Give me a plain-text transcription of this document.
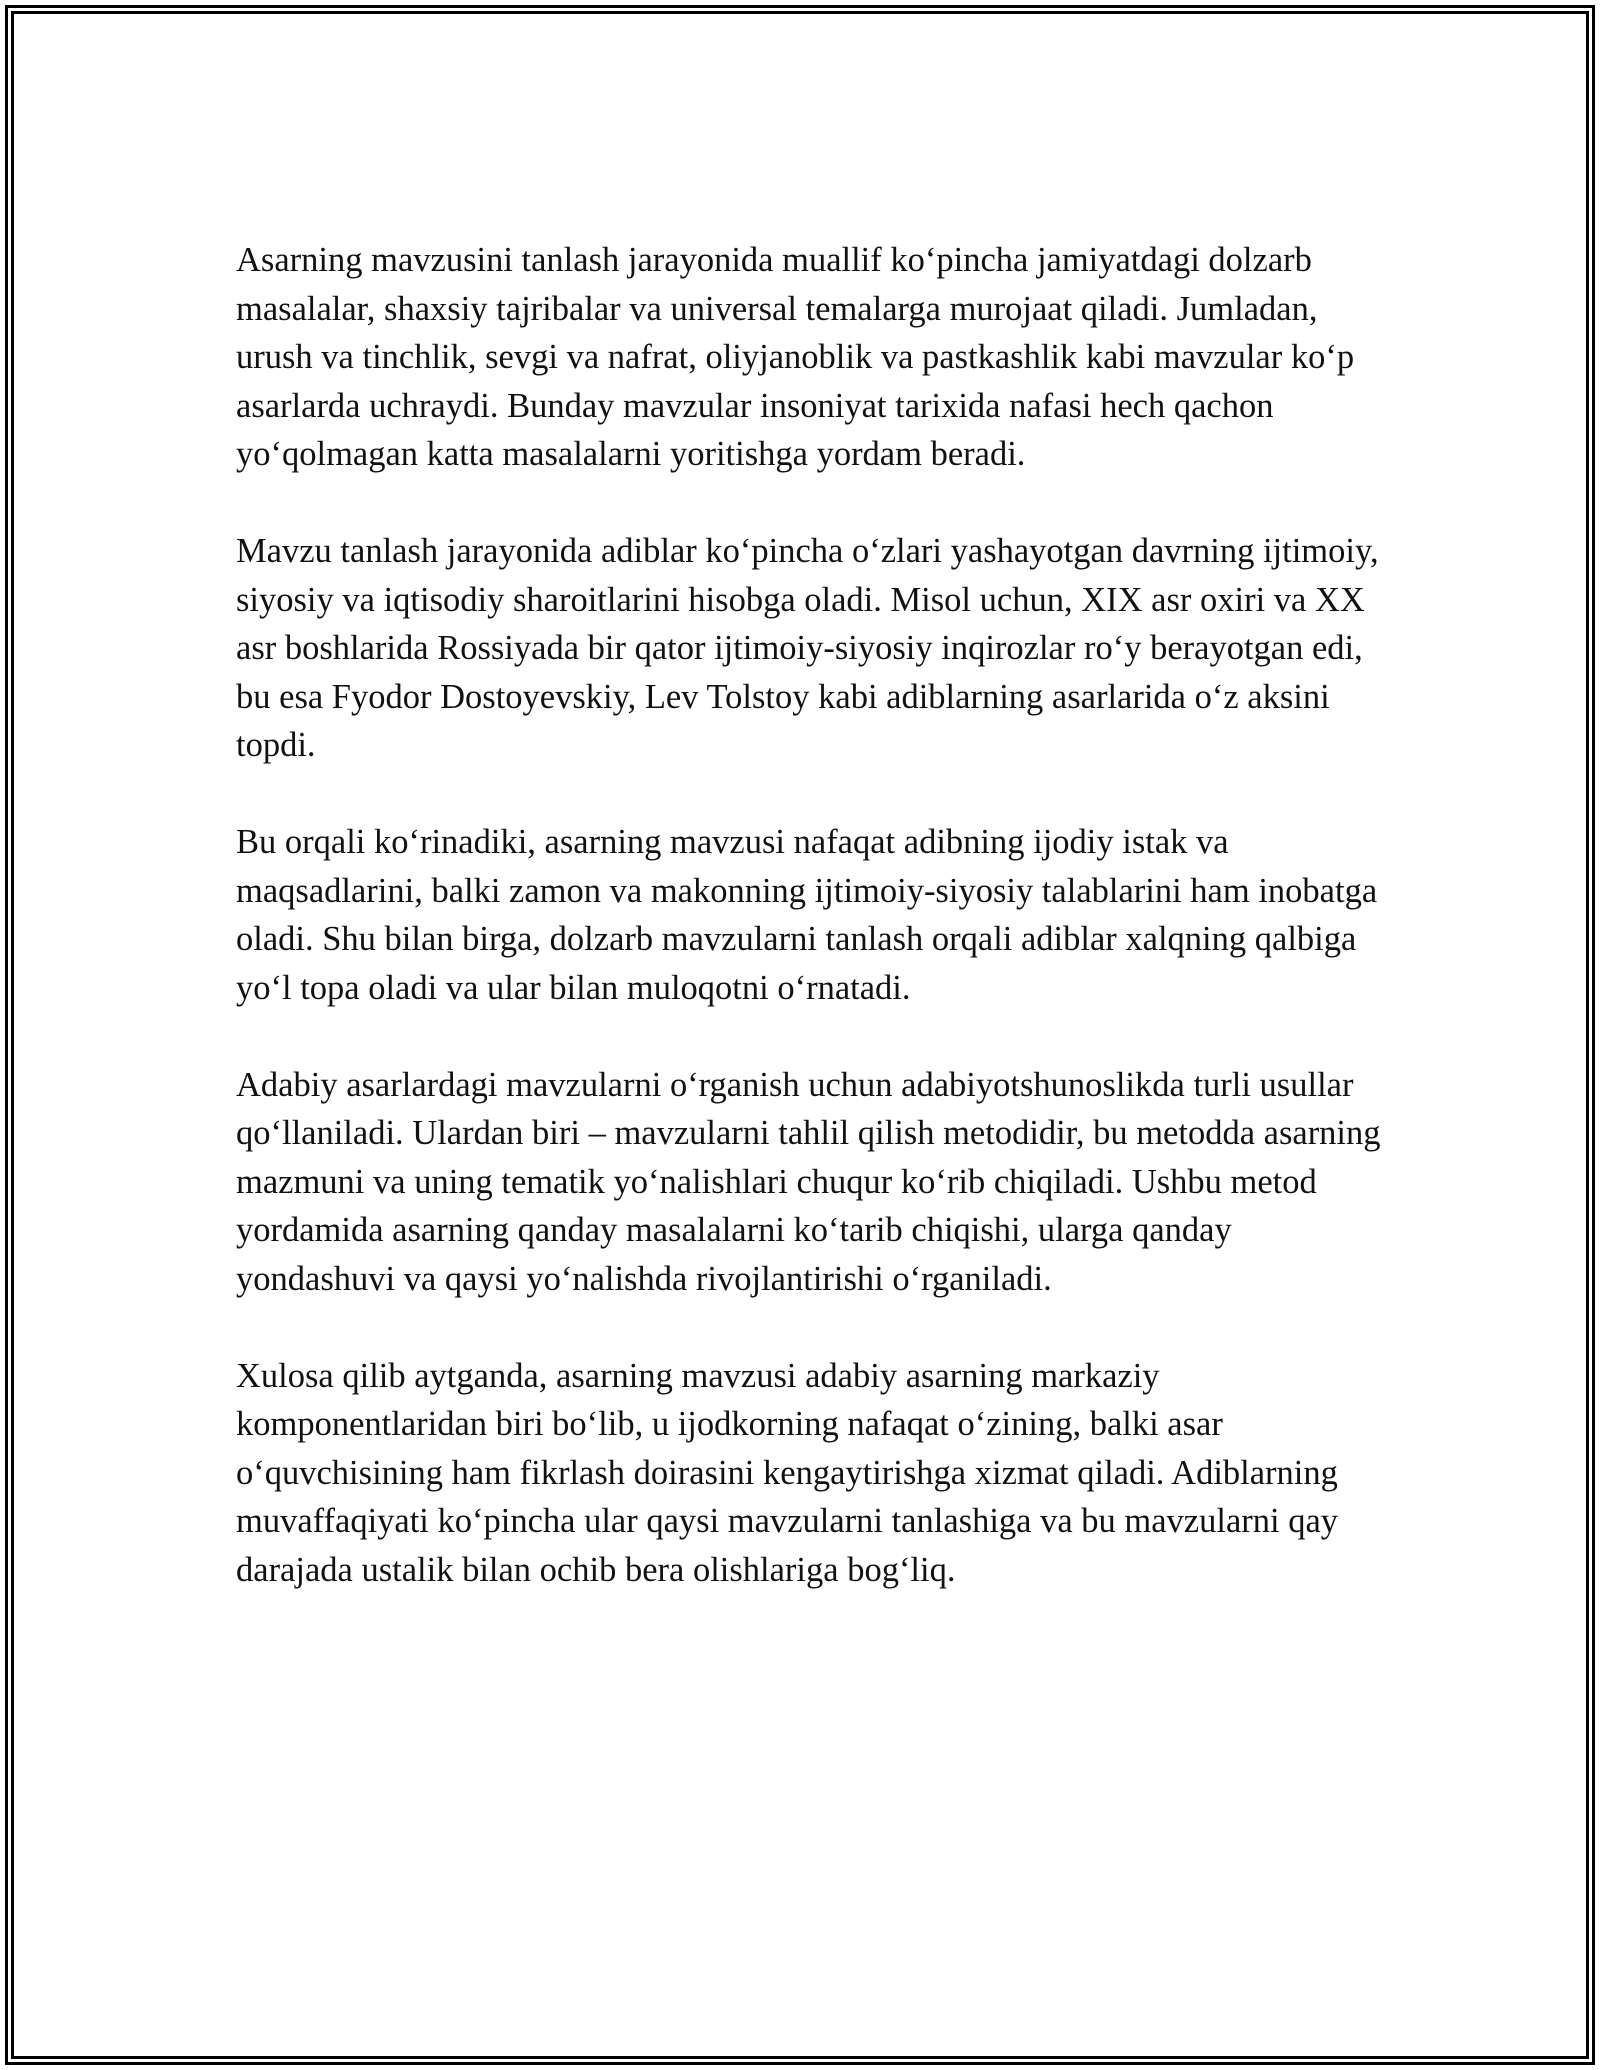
Asarning mavzusini tanlash jarayonida muallif ko‘pincha jamiyatdagi dolzarb masalalar, shaxsiy tajribalar va universal temalarga murojaat qiladi. Jumladan, urush va tinchlik, sevgi va nafrat, oliyjanoblik va pastkashlik kabi mavzular ko‘p asarlarda uchraydi. Bunday mavzular insoniyat tarixida nafasi hech qachon yo‘qolmagan katta masalalarni yoritishga yordam beradi.

Mavzu tanlash jarayonida adiblar ko‘pincha o‘zlari yashayotgan davrning ijtimoiy, siyosiy va iqtisodiy sharoitlarini hisobga oladi. Misol uchun, XIX asr oxiri va XX asr boshlarida Rossiyada bir qator ijtimoiy-siyosiy inqirozlar ro‘y berayotgan edi, bu esa Fyodor Dostoyevskiy, Lev Tolstoy kabi adiblarning asarlarida o‘z aksini topdi.

Bu orqali ko‘rinadiki, asarning mavzusi nafaqat adibning ijodiy istak va maqsadlarini, balki zamon va makonning ijtimoiy-siyosiy talablarini ham inobatga oladi. Shu bilan birga, dolzarb mavzularni tanlash orqali adiblar xalqning qalbiga yo‘l topa oladi va ular bilan muloqotni o‘rnatadi.

Adabiy asarlardagi mavzularni o‘rganish uchun adabiyotshunoslikda turli usullar qo‘llaniladi. Ulardan biri – mavzularni tahlil qilish metodidir, bu metodda asarning mazmuni va uning tematik yo‘nalishlari chuqur ko‘rib chiqiladi. Ushbu metod yordamida asarning qanday masalalarni ko‘tarib chiqishi, ularga qanday yondashuvi va qaysi yo‘nalishda rivojlantirishi o‘rganiladi.

Xulosa qilib aytganda, asarning mavzusi adabiy asarning markaziy komponentlaridan biri bo‘lib, u ijodkorning nafaqat o‘zining, balki asar o‘quvchisining ham fikrlash doirasini kengaytirishga xizmat qiladi. Adiblarning muvaffaqiyati ko‘pincha ular qaysi mavzularni tanlashiga va bu mavzularni qay darajada ustalik bilan ochib bera olishlariga bog‘liq.
